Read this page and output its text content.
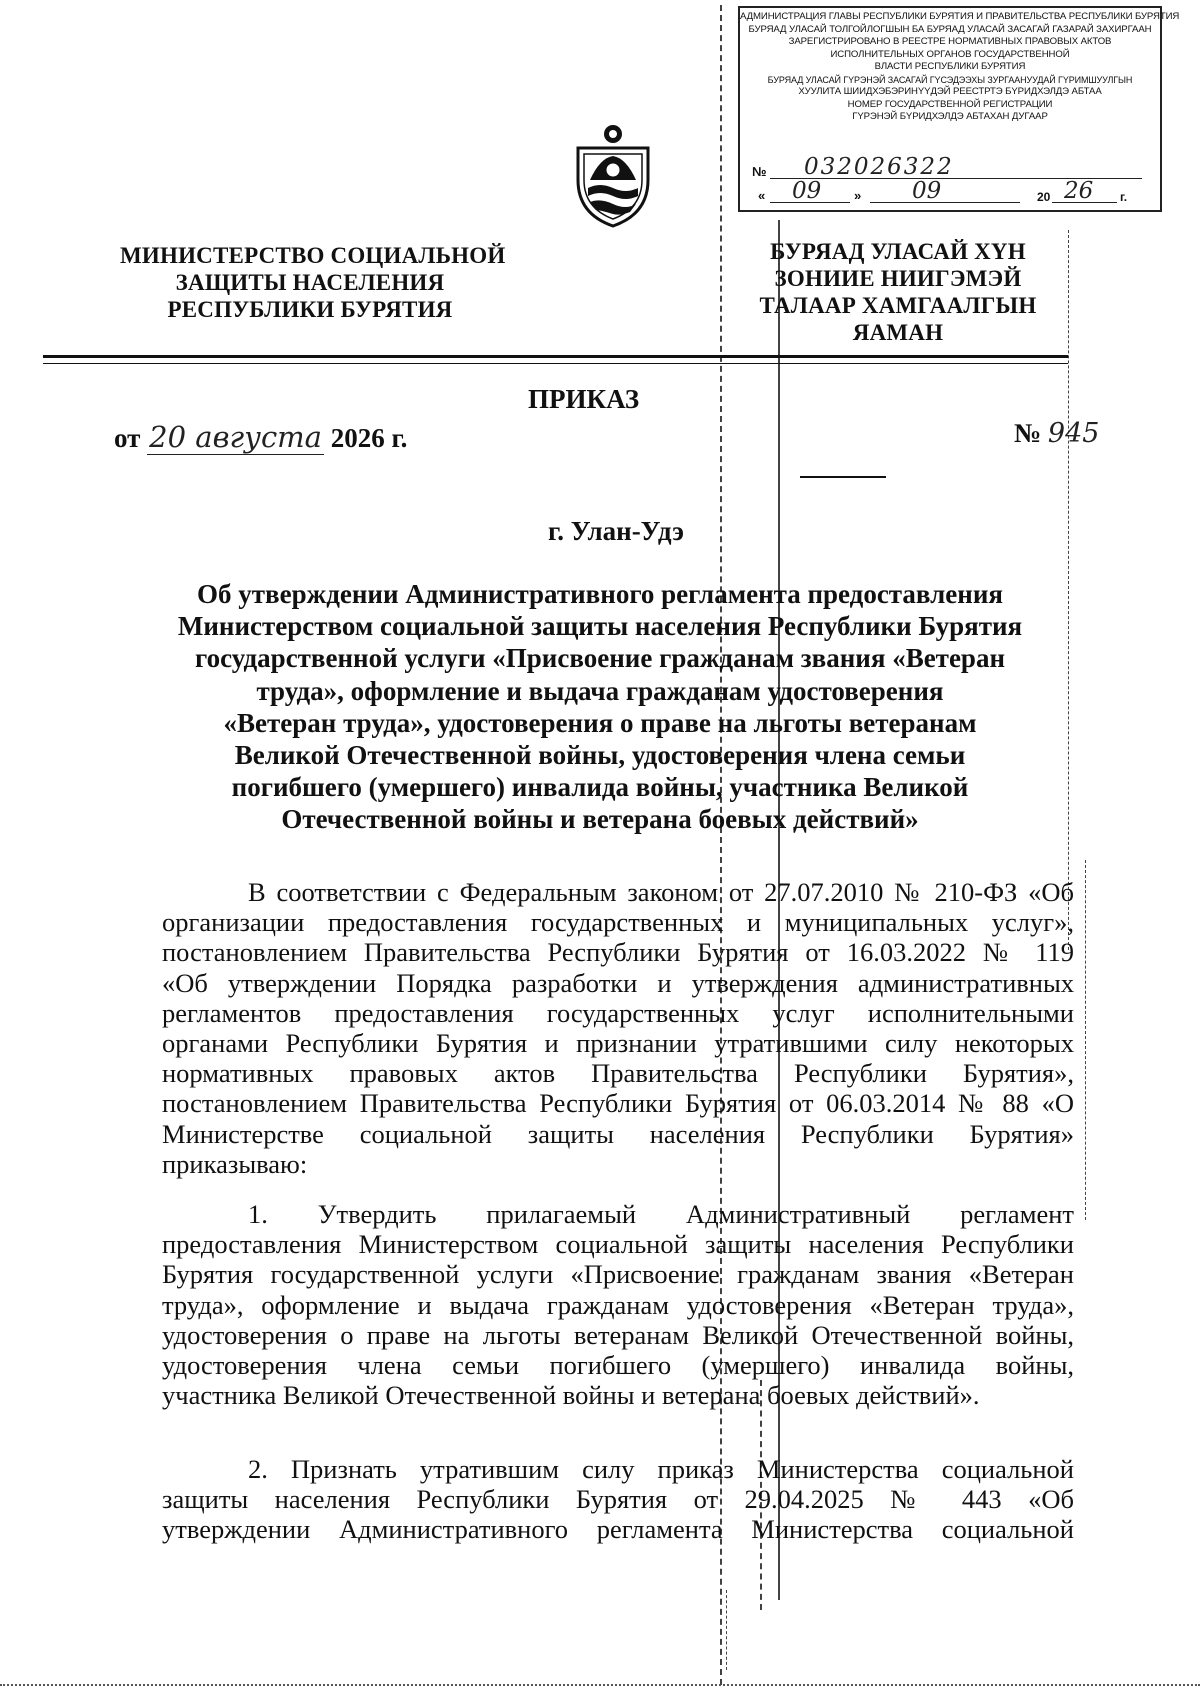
МИНИСТЕРСТВО СОЦИАЛЬНОЙ
ЗАЩИТЫ НАСЕЛЕНИЯ
РЕСПУБЛИКИ БУРЯТИЯ
БУРЯАД УЛАСАЙ ХYН
ЗОНИИЕ НИИГЭМЭЙ
ТАЛААР ХАМГААЛГЫН
ЯАМАН
АДМИНИСТРАЦИЯ ГЛАВЫ РЕСПУБЛИКИ БУРЯТИЯ И ПРАВИТЕЛЬСТВА РЕСПУБЛИКИ БУРЯТИЯ
БУРЯАД УЛАСАЙ ТОЛГОЙЛОГШЫН БА БУРЯАД УЛАСАЙ ЗАСАГАЙ ГАЗАРАЙ ЗАХИРГААН
ЗАРЕГИСТРИРОВАНО В РЕЕСТРЕ НОРМАТИВНЫХ ПРАВОВЫХ АКТОВ
ИСПОЛНИТЕЛЬНЫХ ОРГАНОВ ГОСУДАРСТВЕННОЙ
ВЛАСТИ РЕСПУБЛИКИ БУРЯТИЯ
БУРЯАД УЛАСАЙ ГYРЭНЭЙ ЗАСАГАЙ ГYСЭДЭЭХЫ ЗУРГААНУУДАЙ ГYРИМШУУЛГЫН
ХУУЛИТА ШИИДХЭБЭРИНYYДЭЙ РЕЕСТРТЭ БYРИДХЭЛДЭ АБТАА
НОМЕР ГОСУДАРСТВЕННОЙ РЕГИСТРАЦИИ
ГYРЭНЭЙ БYРИДХЭЛДЭ АБТАХАН ДУГААР
№ 032026322
« 09	» 09	20 26 г.
ПРИКАЗ
от 20 августа 2026 г.	№ 945
г. Улан-Удэ
Об утверждении Административного регламента предоставления
Министерством социальной защиты населения Республики Бурятия
государственной услуги «Присвоение гражданам звания «Ветеран
труда», оформление и выдача гражданам удостоверения
«Ветеран труда», удостоверения о праве на льготы ветеранам
Великой Отечественной войны, удостоверения члена семьи
погибшего (умершего) инвалида войны, участника Великой
Отечественной войны и ветерана боевых действий»
В соответствии с Федеральным законом от 27.07.2010 № 210-ФЗ «Об
организации предоставления государственных и муниципальных услуг»,
постановлением Правительства Республики Бурятия от 16.03.2022 № 119
«Об утверждении Порядка разработки и утверждения административных
регламентов предоставления государственных услуг исполнительными
органами Республики Бурятия и признании утратившими силу некоторых
нормативных правовых актов Правительства Республики Бурятия»,
постановлением Правительства Республики Бурятия от 06.03.2014 № 88 «О
Министерстве социальной защиты населения Республики Бурятия»
приказываю:
1. Утвердить прилагаемый Административный регламент
предоставления Министерством социальной защиты населения Республики
Бурятия государственной услуги «Присвоение гражданам звания «Ветеран
труда», оформление и выдача гражданам удостоверения «Ветеран труда»,
удостоверения о праве на льготы ветеранам Великой Отечественной войны,
удостоверения члена семьи погибшего (умершего) инвалида войны,
участника Великой Отечественной войны и ветерана боевых действий».
2. Признать утратившим силу приказ Министерства социальной
защиты населения Республики Бурятия от 29.04.2025 № 443 «Об
утверждении Административного регламента Министерства социальной
